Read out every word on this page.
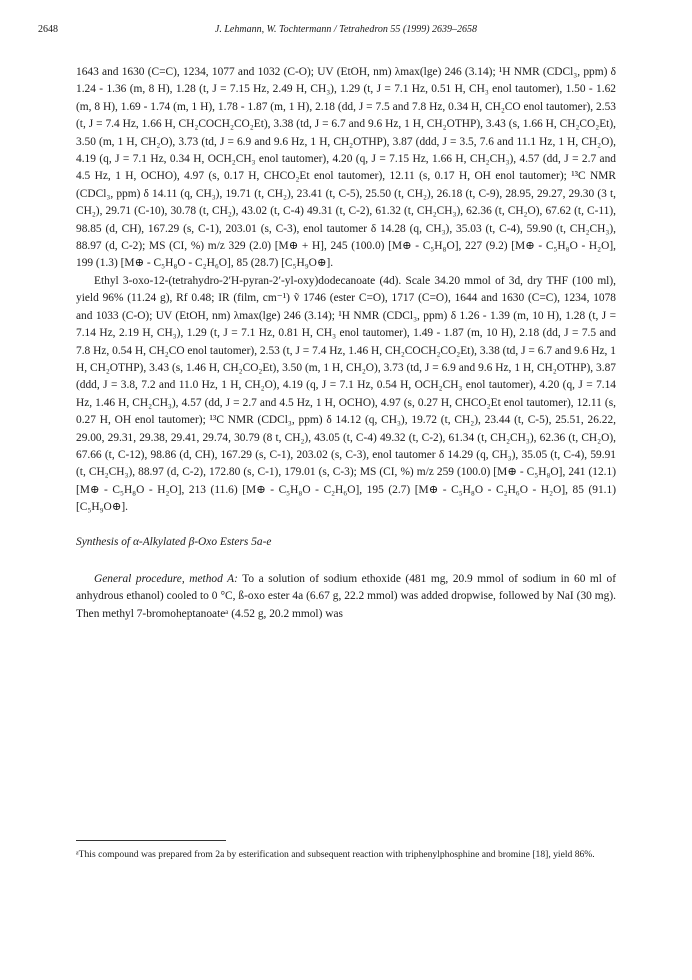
2648	J. Lehmann, W. Tochtermann / Tetrahedron 55 (1999) 2639–2658

1643 and 1630 (C=C), 1234, 1077 and 1032 (C-O); UV (EtOH, nm) λmax(lge) 246 (3.14); ¹H NMR (CDCl₃, ppm) δ 1.24 - 1.36 (m, 8 H), 1.28 (t, J = 7.15 Hz, 2.49 H, CH₃), 1.29 (t, J = 7.1 Hz, 0.51 H, CH₃ enol tautomer), 1.50 - 1.62 (m, 8 H), 1.69 - 1.74 (m, 1 H), 1.78 - 1.87 (m, 1 H), 2.18 (dd, J = 7.5 and 7.8 Hz, 0.34 H, CH₂CO enol tautomer), 2.53 (t, J = 7.4 Hz, 1.66 H, CH₂COCH₂CO₂Et), 3.38 (td, J = 6.7 and 9.6 Hz, 1 H, CH₂OTHP), 3.43 (s, 1.66 H, CH₂CO₂Et), 3.50 (m, 1 H, CH₂O), 3.73 (td, J = 6.9 and 9.6 Hz, 1 H, CH₂OTHP), 3.87 (ddd, J = 3.5, 7.6 and 11.1 Hz, 1 H, CH₂O), 4.19 (q, J = 7.1 Hz, 0.34 H, OCH₂CH₃ enol tautomer), 4.20 (q, J = 7.15 Hz, 1.66 H, CH₂CH₃), 4.57 (dd, J = 2.7 and 4.5 Hz, 1 H, OCHO), 4.97 (s, 0.17 H, CHCO₂Et enol tautomer), 12.11 (s, 0.17 H, OH enol tautomer); ¹³C NMR (CDCl₃, ppm) δ 14.11 (q, CH₃), 19.71 (t, CH₂), 23.41 (t, C-5), 25.50 (t, CH₂), 26.18 (t, C-9), 28.95, 29.27, 29.30 (3 t, CH₂), 29.71 (C-10), 30.78 (t, CH₂), 43.02 (t, C-4) 49.31 (t, C-2), 61.32 (t, CH₂CH₃), 62.36 (t, CH₂O), 67.62 (t, C-11), 98.85 (d, CH), 167.29 (s, C-1), 203.01 (s, C-3), enol tautomer δ 14.28 (q, CH₃), 35.03 (t, C-4), 59.90 (t, CH₂CH₃), 88.97 (d, C-2); MS (CI, %) m/z 329 (2.0) [M⊕ + H], 245 (100.0) [M⊕ - C₅H₈O], 227 (9.2) [M⊕ - C₅H₈O - H₂O], 199 (1.3) [M⊕ - C₅H₈O - C₂H₆O], 85 (28.7) [C₅H₉O⊕].

Ethyl 3-oxo-12-(tetrahydro-2′H-pyran-2′-yl-oxy)dodecanoate (4d). Scale 34.20 mmol of 3d, dry THF (100 ml), yield 96% (11.24 g), Rf 0.48; IR (film, cm⁻¹) ṽ 1746 (ester C=O), 1717 (C=O), 1644 and 1630 (C=C), 1234, 1078 and 1033 (C-O); UV (EtOH, nm) λmax(lge) 246 (3.14); ¹H NMR (CDCl₃, ppm) δ 1.26 - 1.39 (m, 10 H), 1.28 (t, J = 7.14 Hz, 2.19 H, CH₃), 1.29 (t, J = 7.1 Hz, 0.81 H, CH₃ enol tautomer), 1.49 - 1.87 (m, 10 H), 2.18 (dd, J = 7.5 and 7.8 Hz, 0.54 H, CH₂CO enol tautomer), 2.53 (t, J = 7.4 Hz, 1.46 H, CH₂COCH₂CO₂Et), 3.38 (td, J = 6.7 and 9.6 Hz, 1 H, CH₂OTHP), 3.43 (s, 1.46 H, CH₂CO₂Et), 3.50 (m, 1 H, CH₂O), 3.73 (td, J = 6.9 and 9.6 Hz, 1 H, CH₂OTHP), 3.87 (ddd, J = 3.8, 7.2 and 11.0 Hz, 1 H, CH₂O), 4.19 (q, J = 7.1 Hz, 0.54 H, OCH₂CH₃ enol tautomer), 4.20 (q, J = 7.14 Hz, 1.46 H, CH₂CH₃), 4.57 (dd, J = 2.7 and 4.5 Hz, 1 H, OCHO), 4.97 (s, 0.27 H, CHCO₂Et enol tautomer), 12.11 (s, 0.27 H, OH enol tautomer); ¹³C NMR (CDCl₃, ppm) δ 14.12 (q, CH₃), 19.72 (t, CH₂), 23.44 (t, C-5), 25.51, 26.22, 29.00, 29.31, 29.38, 29.41, 29.74, 30.79 (8 t, CH₂), 43.05 (t, C-4) 49.32 (t, C-2), 61.34 (t, CH₂CH₃), 62.36 (t, CH₂O), 67.66 (t, C-12), 98.86 (d, CH), 167.29 (s, C-1), 203.02 (s, C-3), enol tautomer δ 14.29 (q, CH₃), 35.05 (t, C-4), 59.91 (t, CH₂CH₃), 88.97 (d, C-2), 172.80 (s, C-1), 179.01 (s, C-3); MS (CI, %) m/z 259 (100.0) [M⊕ - C₅H₈O], 241 (12.1) [M⊕ - C₅H₈O - H₂O], 213 (11.6) [M⊕ - C₅H₈O - C₂H₆O], 195 (2.7) [M⊕ - C₅H₈O - C₂H₆O - H₂O], 85 (91.1) [C₅H₉O⊕].

Synthesis of α-Alkylated β-Oxo Esters 5a-e

General procedure, method A: To a solution of sodium ethoxide (481 mg, 20.9 mmol of sodium in 60 ml of anhydrous ethanol) cooled to 0 °C, ß-oxo ester 4a (6.67 g, 22.2 mmol) was added dropwise, followed by NaI (30 mg). Then methyl 7-bromoheptanoateᵃ (4.52 g, 20.2 mmol) was

ᵃThis compound was prepared from 2a by esterification and subsequent reaction with triphenylphosphine and bromine [18], yield 86%.
